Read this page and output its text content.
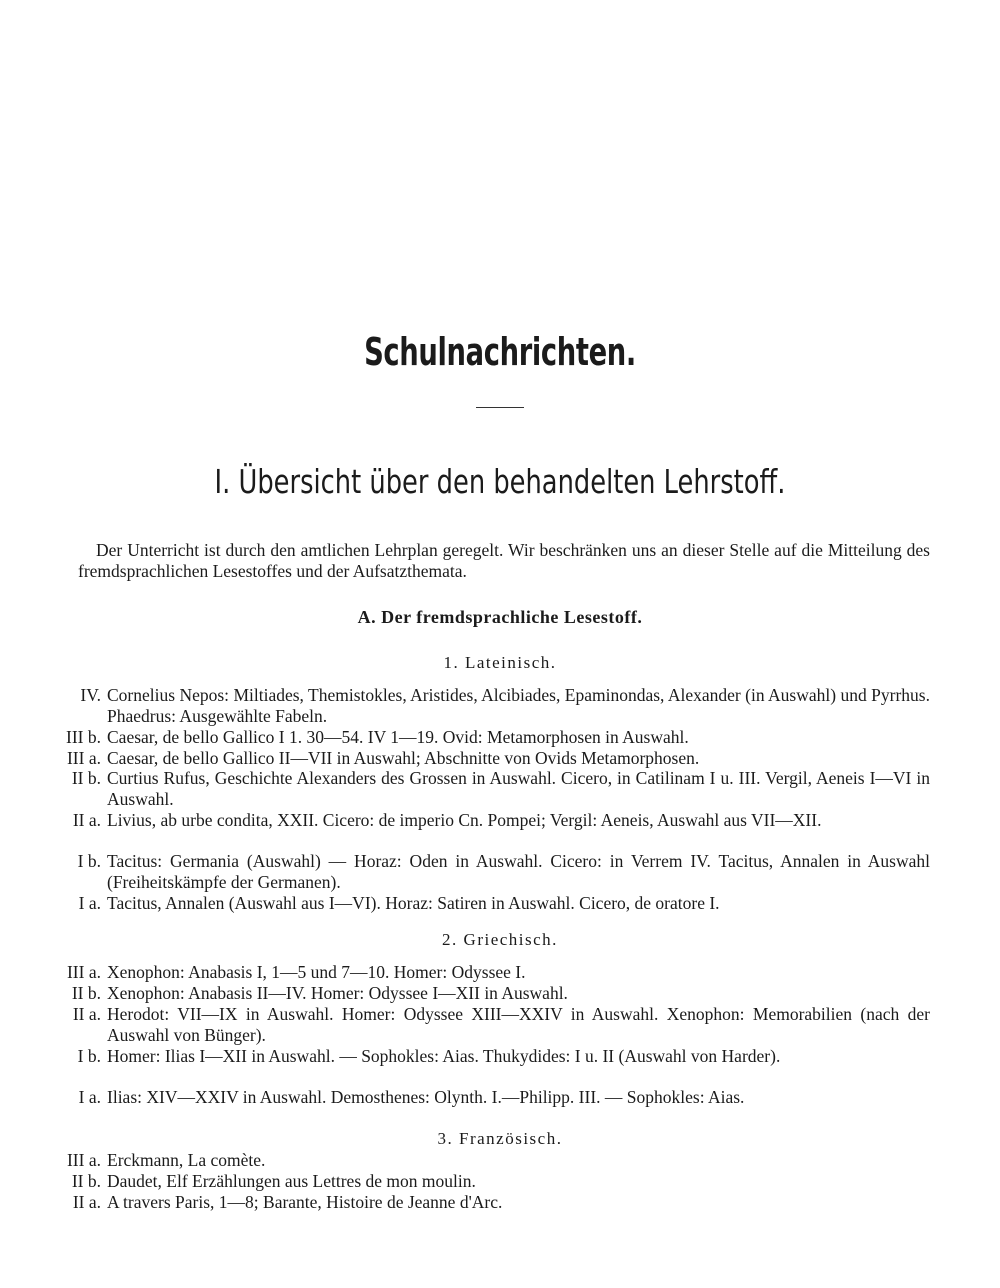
Schulnachrichten.
I. Übersicht über den behandelten Lehrstoff.
Der Unterricht ist durch den amtlichen Lehrplan geregelt. Wir beschränken uns an dieser Stelle auf die Mitteilung des fremdsprachlichen Lesestoffes und der Aufsatzthemata.
A. Der fremdsprachliche Lesestoff.
1. Lateinisch.
IV. Cornelius Nepos: Miltiades, Themistokles, Aristides, Alcibiades, Epaminondas, Alexander (in Auswahl) und Pyrrhus. Phaedrus: Ausgewählte Fabeln.
III b. Caesar, de bello Gallico I 1. 30—54. IV 1—19. Ovid: Metamorphosen in Auswahl.
III a. Caesar, de bello Gallico II—VII in Auswahl; Abschnitte von Ovids Metamorphosen.
II b. Curtius Rufus, Geschichte Alexanders des Grossen in Auswahl. Cicero, in Catilinam I u. III. Vergil, Aeneis I—VI in Auswahl.
II a. Livius, ab urbe condita, XXII. Cicero: de imperio Cn. Pompei; Vergil: Aeneis, Auswahl aus VII—XII.
I b. Tacitus: Germania (Auswahl) — Horaz: Oden in Auswahl. Cicero: in Verrem IV. Tacitus, Annalen in Auswahl (Freiheitskämpfe der Germanen).
I a. Tacitus, Annalen (Auswahl aus I—VI). Horaz: Satiren in Auswahl. Cicero, de oratore I.
2. Griechisch.
III a. Xenophon: Anabasis I, 1—5 und 7—10. Homer: Odyssee I.
II b. Xenophon: Anabasis II—IV. Homer: Odyssee I—XII in Auswahl.
II a. Herodot: VII—IX in Auswahl. Homer: Odyssee XIII—XXIV in Auswahl. Xenophon: Memorabilien (nach der Auswahl von Bünger).
I b. Homer: Ilias I—XII in Auswahl. — Sophokles: Aias. Thukydides: I u. II (Auswahl von Harder).
I a. Ilias: XIV—XXIV in Auswahl. Demosthenes: Olynth. I.—Philipp. III. — Sophokles: Aias.
3. Französisch.
III a. Erckmann, La comète.
II b. Daudet, Elf Erzählungen aus Lettres de mon moulin.
II a. A travers Paris, 1—8; Barante, Histoire de Jeanne d'Arc.
